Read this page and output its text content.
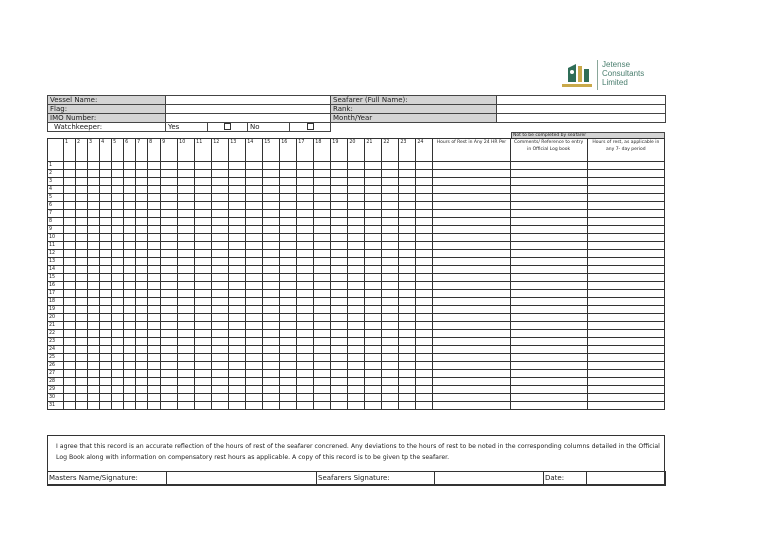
Jetense
Consultants
Limited
Vessel Name:					Seafarer (Full Name):	
Flag:					Rank:	
IMO Number:					Month/Year	
Watchkeeper:	Yes		No			
Not to be completed by seafarer
	1	2	3	4	5	6	7	8	9	10	11	12	13	14	15	16	17	18	19	20	21	22	23	24	Hours of Rest in Any 24 HR Per	Comments/ Reference to entry in Official Log book	Hours of rest, as applicable in any 7- day period
1																											
2																											
3																											
4																											
5																											
6																											
7																											
8																											
9																											
10																											
11																											
12																											
13																											
14																											
15																											
16																											
17																											
18																											
19																											
20																											
21																											
22																											
23																											
24																											
25																											
26																											
27																											
28																											
29																											
30																											
31																											
I agree that this record is an accurate reflection of the hours of rest of the seafarer concrened. Any deviations to the hours of rest to be noted in the corresponding columns detailed in the Official Log Book along with information on compensatory rest hours as applicable. A copy of this record is to be given tp the seafarer.
Masters Name/Signature:		Seafarers Signature:		Date:	
